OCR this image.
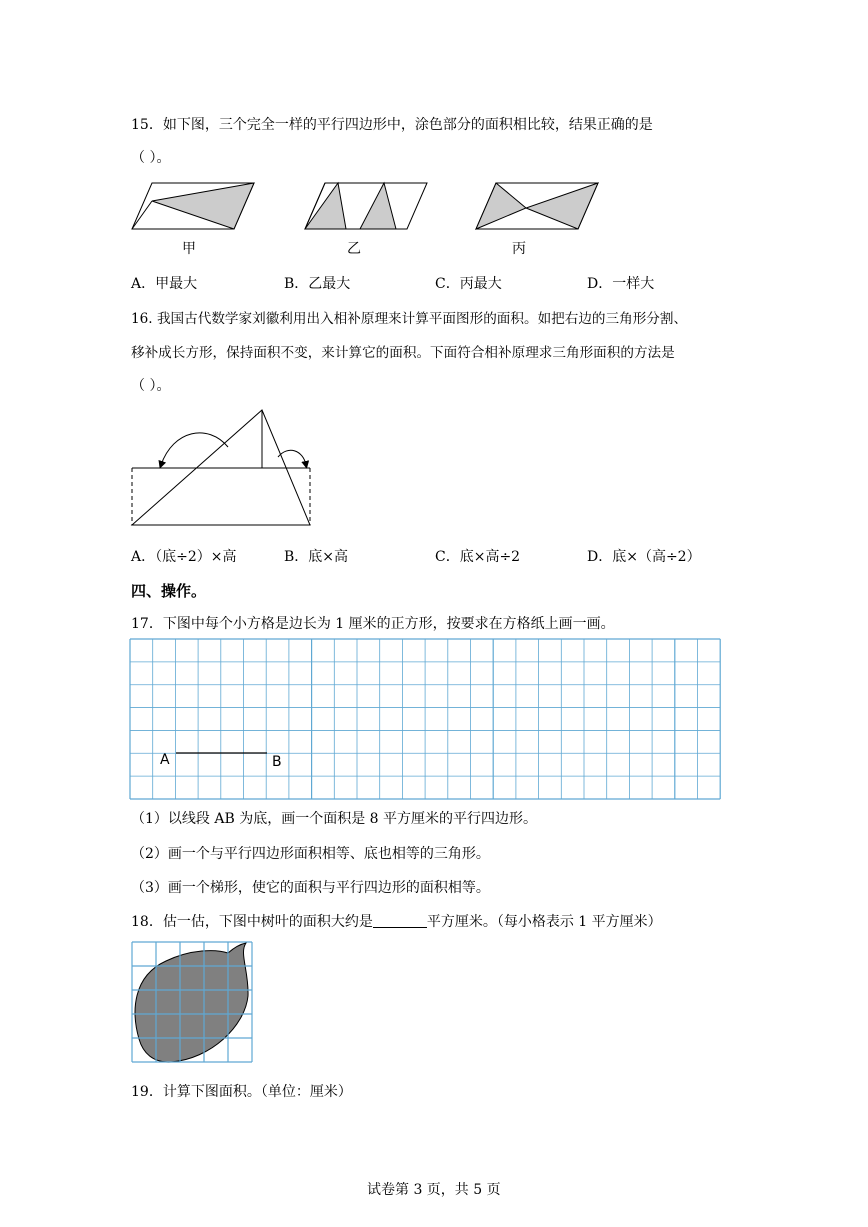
15．如下图，三个完全一样的平行四边形中，涂色部分的面积相比较，结果正确的是
（ ）。
甲	乙	丙
A．甲最大	B．乙最大	C．丙最大	D．一样大
16. 我国古代数学家刘徽利用出入相补原理来计算平面图形的面积。如把右边的三角形分割、
移补成长方形，保持面积不变，来计算它的面积。下面符合相补原理求三角形面积的方法是
（ ）。
A．（底÷2）×高	B．底×高	C．底×高÷2	D．底×（高÷2）
四、操作。
17．下图中每个小方格是边长为 1 厘米的正方形，按要求在方格纸上画一画。
A	B
（1）以线段 AB 为底，画一个面积是 8 平方厘米的平行四边形。
（2）画一个与平行四边形面积相等、底也相等的三角形。
（3）画一个梯形，使它的面积与平行四边形的面积相等。
18．估一估，下图中树叶的面积大约是	平方厘米。（每小格表示 1 平方厘米）
19．计算下图面积。（单位：厘米）
试卷第 3 页，共 5 页
